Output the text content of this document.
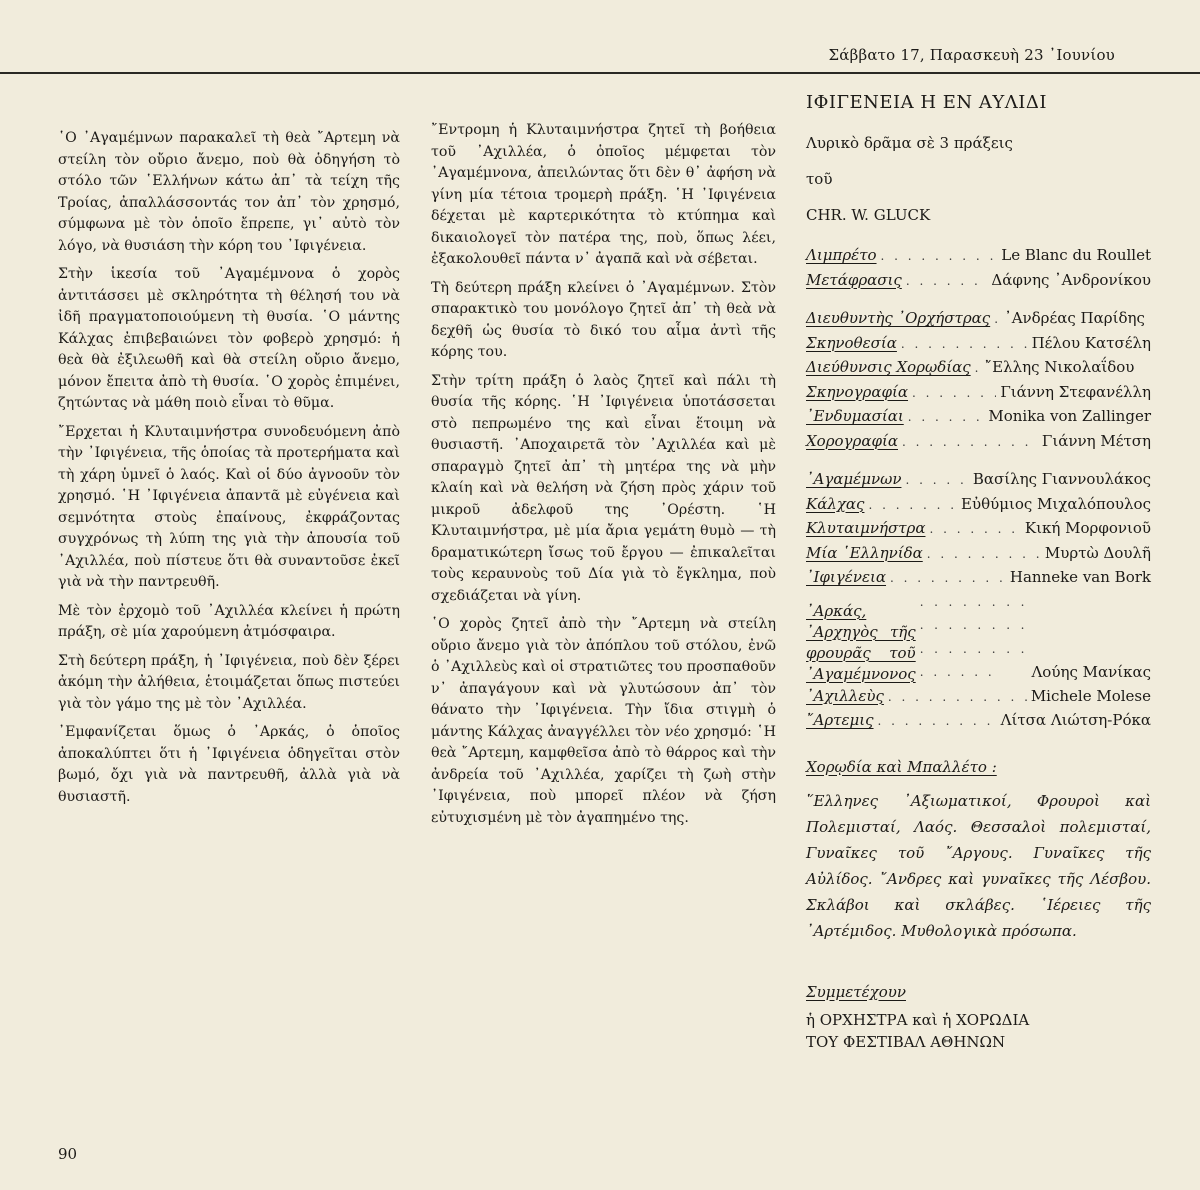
Σάββατο 17, Παρασκευὴ 23 ᾿Ιουνίου

῾Ο ᾿Αγαμέμνων παρακαλεῖ τὴ θεὰ ῎Αρτεμη νὰ στείλη τὸν οὔριο ἄνεμο, ποὺ θὰ ὁδηγήση τὸ στόλο τῶν ῾Ελλήνων κάτω ἀπ᾿ τὰ τείχη τῆς Τροίας, ἀπαλλάσσοντάς τον ἀπ᾿ τὸν χρησμό, σύμφωνα μὲ τὸν ὁποῖο ἔπρεπε, γι᾿ αὐτὸ τὸν λόγο, νὰ θυσιάση τὴν κόρη του ᾿Ιφιγένεια.

Στὴν ἱκεσία τοῦ ᾿Αγαμέμνονα ὁ χορὸς ἀντιτάσσει μὲ σκληρότητα τὴ θέλησή του νὰ ἰδῆ πραγματοποιούμενη τὴ θυσία. ῾Ο μάντης Κάλχας ἐπιβεβαιώνει τὸν φοβερὸ χρησμό: ἡ θεὰ θὰ ἐξιλεωθῆ καὶ θὰ στείλη οὔριο ἄνεμο, μόνον ἔπειτα ἀπὸ τὴ θυσία. ῾Ο χορὸς ἐπιμένει, ζητώντας νὰ μάθη ποιὸ εἶναι τὸ θῦμα.

῎Ερχεται ἡ Κλυταιμνήστρα συνοδευόμενη ἀπὸ τὴν ᾿Ιφιγένεια, τῆς ὁποίας τὰ προτερήματα καὶ τὴ χάρη ὑμνεῖ ὁ λαός. Καὶ οἱ δύο ἀγνοοῦν τὸν χρησμό. ῾Η ᾿Ιφιγένεια ἀπαντᾶ μὲ εὐγένεια καὶ σεμνότητα στοὺς ἐπαίνους, ἐκφράζοντας συγχρόνως τὴ λύπη της γιὰ τὴν ἀπουσία τοῦ ᾿Αχιλλέα, ποὺ πίστευε ὅτι θὰ συναντοῦσε ἐκεῖ γιὰ νὰ τὴν παντρευθῆ.

Μὲ τὸν ἐρχομὸ τοῦ ᾿Αχιλλέα κλείνει ἡ πρώτη πράξη, σὲ μία χαρούμενη ἀτμόσφαιρα.

Στὴ δεύτερη πράξη, ἡ ᾿Ιφιγένεια, ποὺ δὲν ξέρει ἀκόμη τὴν ἀλήθεια, ἑτοιμάζεται ὅπως πιστεύει γιὰ τὸν γάμο της μὲ τὸν ᾿Αχιλλέα.

᾿Εμφανίζεται ὅμως ὁ ᾿Αρκάς, ὁ ὁποῖος ἀποκαλύπτει ὅτι ἡ ᾿Ιφιγένεια ὁδηγεῖται στὸν βωμό, ὄχι γιὰ νὰ παντρευθῆ, ἀλλὰ γιὰ νὰ θυσιαστῆ.

῎Εντρομη ἡ Κλυταιμνήστρα ζητεῖ τὴ βοήθεια τοῦ ᾿Αχιλλέα, ὁ ὁποῖος μέμφεται τὸν ᾿Αγαμέμνονα, ἀπειλώντας ὅτι δὲν θ᾿ ἀφήση νὰ γίνη μία τέτοια τρομερὴ πράξη. ῾Η ᾿Ιφιγένεια δέχεται μὲ καρτερικότητα τὸ κτύπημα καὶ δικαιολογεῖ τὸν πατέρα της, ποὺ, ὅπως λέει, ἐξακολουθεῖ πάντα ν᾿ ἀγαπᾶ καὶ νὰ σέβεται.

Τὴ δεύτερη πράξη κλείνει ὁ ᾿Αγαμέμνων. Στὸν σπαρακτικὸ του μονόλογο ζητεῖ ἀπ᾿ τὴ θεὰ νὰ δεχθῆ ὡς θυσία τὸ δικό του αἷμα ἀντὶ τῆς κόρης του.

Στὴν τρίτη πράξη ὁ λαὸς ζητεῖ καὶ πάλι τὴ θυσία τῆς κόρης. ῾Η ᾿Ιφιγένεια ὑποτάσσεται στὸ πεπρωμένο της καὶ εἶναι ἕτοιμη νὰ θυσιαστῆ. ᾿Αποχαιρετᾶ τὸν ᾿Αχιλλέα καὶ μὲ σπαραγμὸ ζητεῖ ἀπ᾿ τὴ μητέρα της νὰ μὴν κλαίη καὶ νὰ θελήση νὰ ζήση πρὸς χάριν τοῦ μικροῦ ἀδελφοῦ της ᾿Ορέστη. ῾Η Κλυταιμνήστρα, μὲ μία ἄρια γεμάτη θυμὸ — τὴ δραματικώτερη ἴσως τοῦ ἔργου — ἐπικαλεῖται τοὺς κεραυνοὺς τοῦ Δία γιὰ τὸ ἔγκλημα, ποὺ σχεδιάζεται νὰ γίνη.

῾Ο χορὸς ζητεῖ ἀπὸ τὴν ῎Αρτεμη νὰ στείλη οὔριο ἄνεμο γιὰ τὸν ἀπόπλου τοῦ στόλου, ἐνῶ ὁ ᾿Αχιλλεὺς καὶ οἱ στρατιῶτες του προσπαθοῦν ν᾿ ἀπαγάγουν καὶ νὰ γλυτώσουν ἀπ᾿ τὸν θάνατο τὴν ᾿Ιφιγένεια. Τὴν ἴδια στιγμὴ ὁ μάντης Κάλχας ἀναγγέλλει τὸν νέο χρησμό: ῾Η θεὰ ῎Αρτεμη, καμφθεῖσα ἀπὸ τὸ θάρρος καὶ τὴν ἀνδρεία τοῦ ᾿Αχιλλέα, χαρίζει τὴ ζωὴ στὴν ᾿Ιφιγένεια, ποὺ μπορεῖ πλέον νὰ ζήση εὐτυχισμένη μὲ τὸν ἀγαπημένο της.

ΙΦΙΓΕΝΕΙΑ Η ΕΝ ΑΥΛΙΔΙ
Λυρικὸ δρᾶμα σὲ 3 πράξεις
τοῦ
CHR. W. GLUCK
Λιμπρέτο . . .	Le Blanc du Roullet
Μετάφρασις . . .	Δάφνης ᾿Ανδρονίκου
Διευθυντὴς ᾿Ορχήστρας . . . ᾿Ανδρέας Παρίδης
Σκηνοθεσία . . .	Πέλου Κατσέλη
Διεύθυνσις Χορῳδίας . . . ῎Ελλης Νικολαΐδου
Σκηνογραφία . . .	Γιάννη Στεφανέλλη
᾿Ενδυμασίαι . . .	Monika von Zallinger
Χορογραφία . . .	Γιάννη Μέτση
᾿Αγαμέμνων . . .	Βασίλης Γιαννουλάκος
Κάλχας . . .	Εὐθύμιος Μιχαλόπουλος
Κλυταιμνήστρα . . .	Κική Μορφονιοῦ
Μία ῾Ελληνίδα . . .	Μυρτὼ Δουλῆ
᾿Ιφιγένεια . . .	Hanneke van Bork
᾿Αρκάς, ᾿Αρχηγὸς τῆς φρουρᾶς τοῦ ᾿Αγαμέμνονος . . .	Λούης Μανίκας
᾿Αχιλλεὺς . . .	Michele Molese
῎Αρτεμις . . .	Λίτσα Λιώτση-Ρόκα
Χορῳδία καὶ Μπαλλέτο :

῞Ελληνες ᾿Αξιωματικοί, Φρουροὶ καὶ Πολεμισταί, Λαός. Θεσσαλοὶ πολεμισταί, Γυναῖκες τοῦ ῎Αργους. Γυναῖκες τῆς Αὐλίδος. ῎Ανδρες καὶ γυναῖκες τῆς Λέσβου. Σκλάβοι καὶ σκλάβες. ῾Ιέρειες τῆς ᾿Αρτέμιδος. Μυθολογικὰ πρόσωπα.

Συμμετέχουν
ἡ ΟΡΧΗΣΤΡΑ καὶ ἡ ΧΟΡΩΔΙΑ
ΤΟΥ ΦΕΣΤΙΒΑΛ ΑΘΗΝΩΝ
90
